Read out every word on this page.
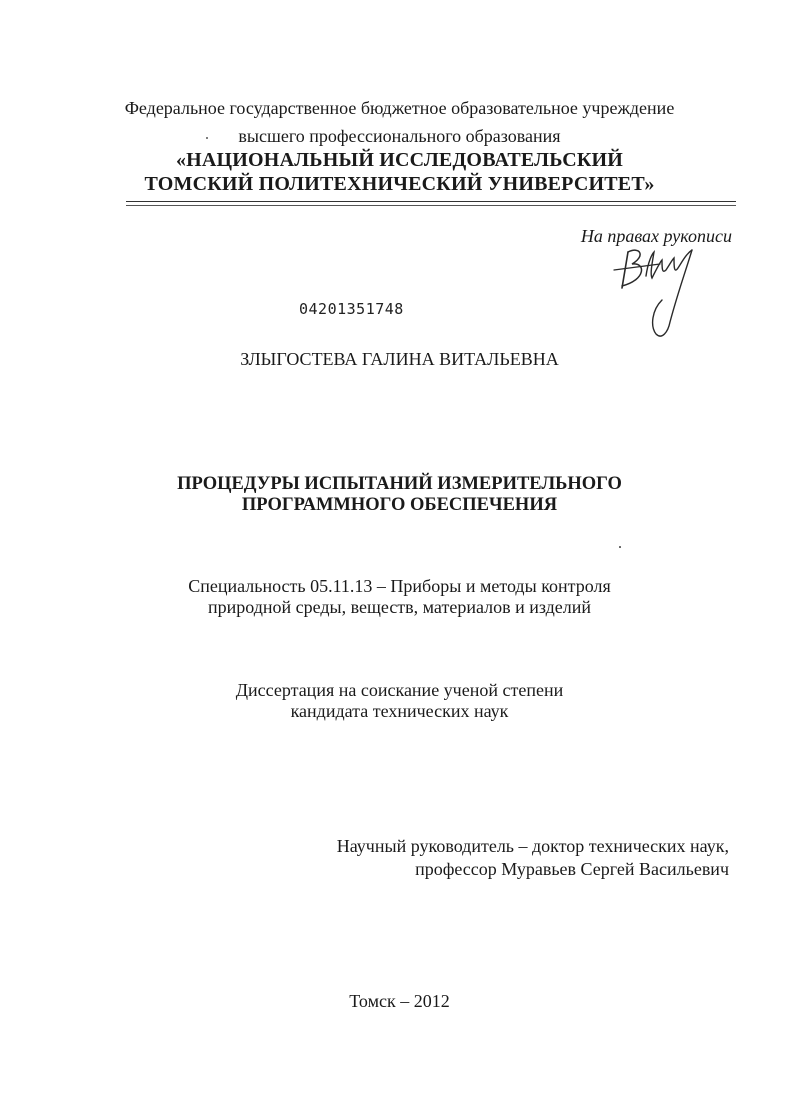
Федеральное государственное бюджетное образовательное учреждение
высшего профессионального образования
«НАЦИОНАЛЬНЫЙ ИССЛЕДОВАТЕЛЬСКИЙ
ТОМСКИЙ ПОЛИТЕХНИЧЕСКИЙ УНИВЕРСИТЕТ»
На правах рукописи
04201351748
ЗЛЫГОСТЕВА ГАЛИНА ВИТАЛЬЕВНА
ПРОЦЕДУРЫ ИСПЫТАНИЙ ИЗМЕРИТЕЛЬНОГО
ПРОГРАММНОГО ОБЕСПЕЧЕНИЯ
Специальность 05.11.13 – Приборы и методы контроля
природной среды, веществ, материалов и изделий
Диссертация на соискание ученой степени
кандидата технических наук
Научный руководитель – доктор технических наук,
профессор Муравьев Сергей Васильевич
Томск – 2012
